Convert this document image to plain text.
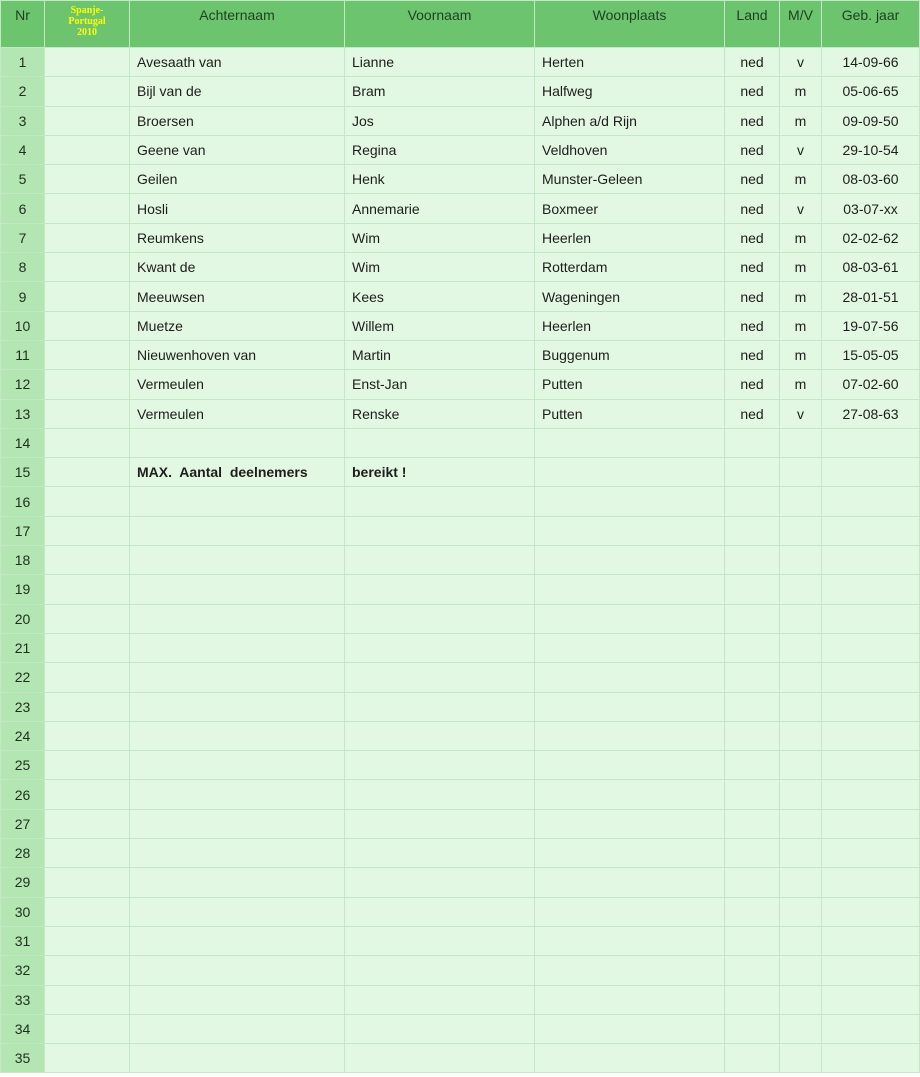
Nr	Spanje-
Portugal
2010	Achternaam	Voornaam	Woonplaats	Land	M/V	Geb. jaar
1		Avesaath van	Lianne	Herten	ned	v	14-09-66
2		Bijl van de	Bram	Halfweg	ned	m	05-06-65
3		Broersen	Jos	Alphen a/d Rijn	ned	m	09-09-50
4		Geene van	Regina	Veldhoven	ned	v	29-10-54
5		Geilen	Henk	Munster-Geleen	ned	m	08-03-60
6		Hosli	Annemarie	Boxmeer	ned	v	03-07-xx
7		Reumkens	Wim	Heerlen	ned	m	02-02-62
8		Kwant de	Wim	Rotterdam	ned	m	08-03-61
9		Meeuwsen	Kees	Wageningen	ned	m	28-01-51
10		Muetze	Willem	Heerlen	ned	m	19-07-56
11		Nieuwenhoven van	Martin	Buggenum	ned	m	15-05-05
12		Vermeulen	Enst-Jan	Putten	ned	m	07-02-60
13		Vermeulen	Renske	Putten	ned	v	27-08-63
14							
15		MAX.  Aantal  deelnemers	bereikt !				
16							
17							
18							
19							
20							
21							
22							
23							
24							
25							
26							
27							
28							
29							
30							
31							
32							
33							
34							
35							
